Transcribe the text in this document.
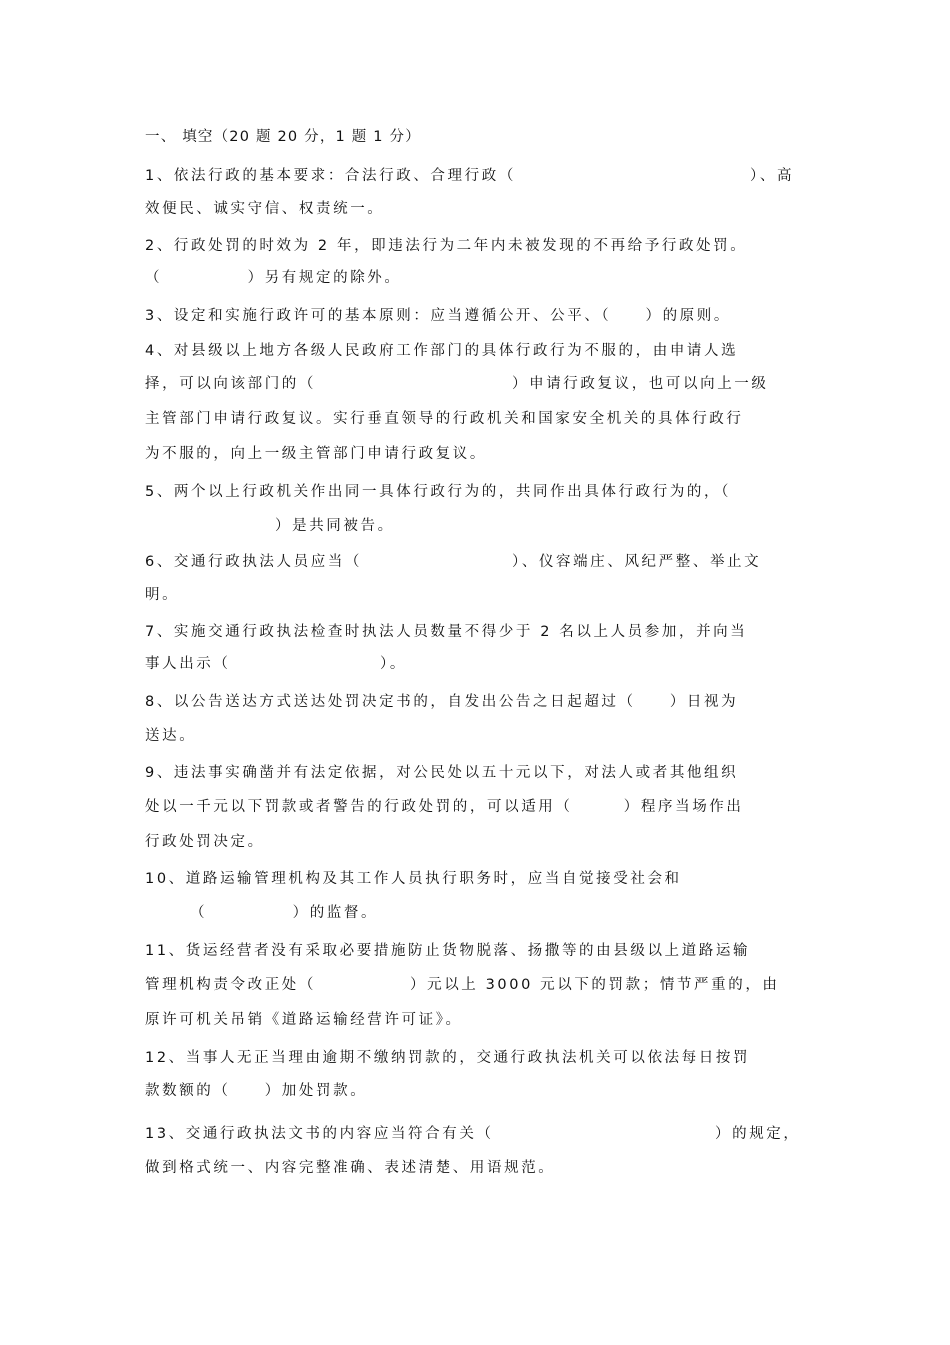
一、 填空（20 题 20 分，1 题 1 分）
1、依法行政的基本要求：合法行政、合理行政（	）、高
效便民、诚实守信、权责统一。
2、行政处罚的时效为 2 年，即违法行为二年内未被发现的不再给予行政处罚。
（　　　　　）另有规定的除外。
3、设定和实施行政许可的基本原则：应当遵循公开、公平、（　　）的原则。
4、对县级以上地方各级人民政府工作部门的具体行政行为不服的，由申请人选
择，可以向该部门的（	）申请行政复议，也可以向上一级
主管部门申请行政复议。实行垂直领导的行政机关和国家安全机关的具体行政行
为不服的，向上一级主管部门申请行政复议。
5、两个以上行政机关作出同一具体行政行为的，共同作出具体行政行为的，（
）是共同被告。
6、交通行政执法人员应当（	）、仪容端庄、风纪严整、举止文
明。
7、实施交通行政执法检查时执法人员数量不得少于 2 名以上人员参加，并向当
事人出示（	）。
8、以公告送达方式送达处罚决定书的，自发出公告之日起超过（　　）日视为
送达。
9、违法事实确凿并有法定依据，对公民处以五十元以下，对法人或者其他组织
处以一千元以下罚款或者警告的行政处罚的，可以适用（　　　）程序当场作出
行政处罚决定。
10、道路运输管理机构及其工作人员执行职务时，应当自觉接受社会和
（　　　　　）的监督。
11、货运经营者没有采取必要措施防止货物脱落、扬撒等的由县级以上道路运输
管理机构责令改正处（	）元以上 3000 元以下的罚款；情节严重的，由
原许可机关吊销《道路运输经营许可证》。
12、当事人无正当理由逾期不缴纳罚款的，交通行政执法机关可以依法每日按罚
款数额的（　　）加处罚款。
13、交通行政执法文书的内容应当符合有关（	）的规定，
做到格式统一、内容完整准确、表述清楚、用语规范。
